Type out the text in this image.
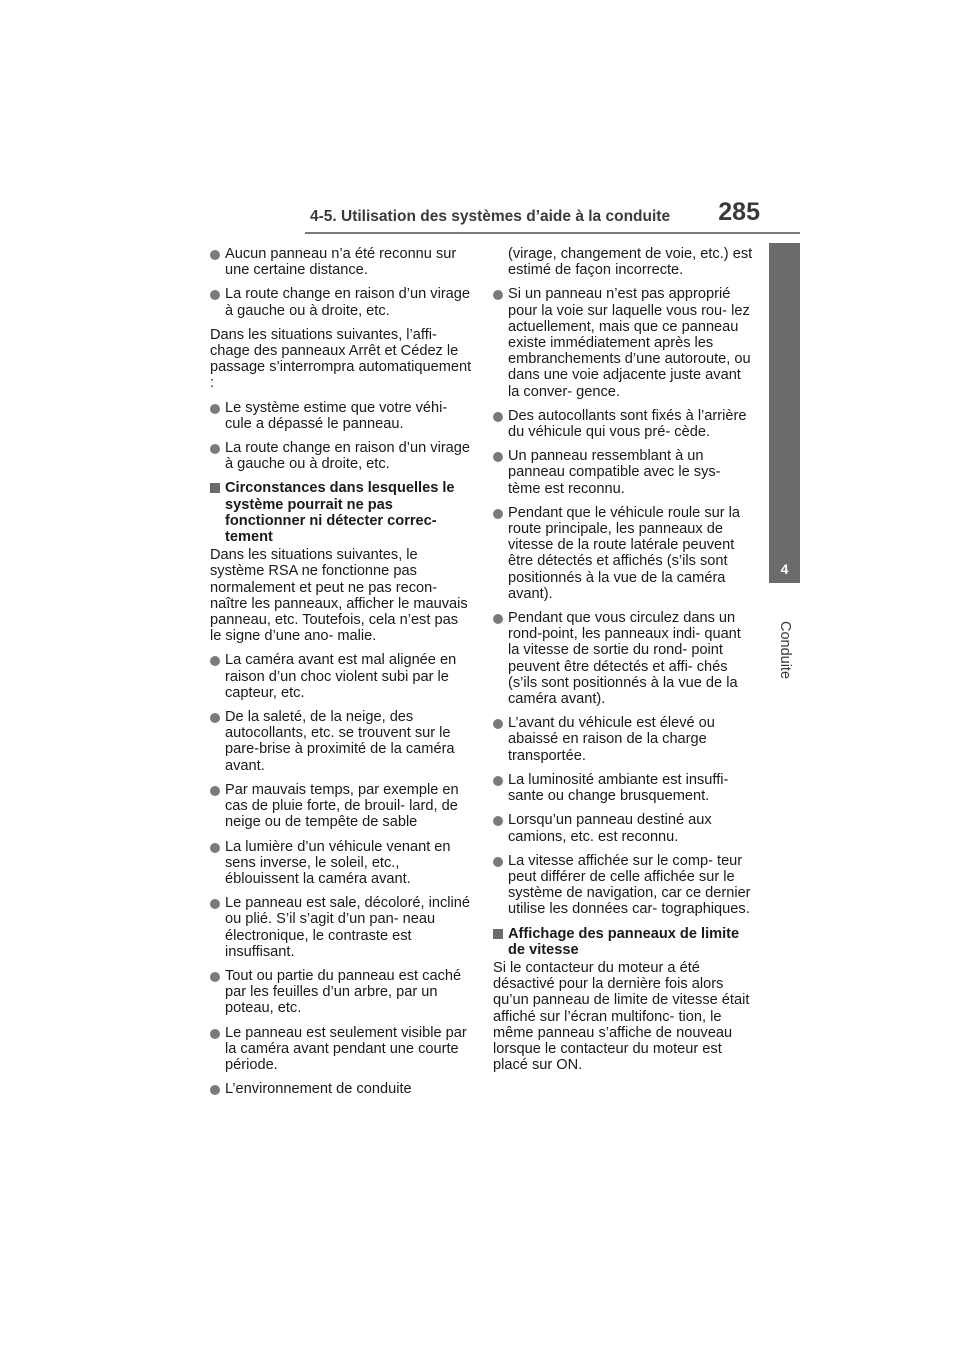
4-5. Utilisation des systèmes d’aide à la conduite 285
4
Conduite
Aucun panneau n’a été reconnu sur une certaine distance.
La route change en raison d’un virage à gauche ou à droite, etc.
Dans les situations suivantes, l’affi- chage des panneaux Arrêt et Cédez le passage s’interrompra automatiquement :
Le système estime que votre véhi- cule a dépassé le panneau.
La route change en raison d’un virage à gauche ou à droite, etc.
Circonstances dans lesquelles le système pourrait ne pas fonctionner ni détecter correc- tement
Dans les situations suivantes, le système RSA ne fonctionne pas normalement et peut ne pas recon- naître les panneaux, afficher le mauvais panneau, etc. Toutefois, cela n’est pas le signe d’une ano- malie.
La caméra avant est mal alignée en raison d’un choc violent subi par le capteur, etc.
De la saleté, de la neige, des autocollants, etc. se trouvent sur le pare-brise à proximité de la caméra avant.
Par mauvais temps, par exemple en cas de pluie forte, de brouil- lard, de neige ou de tempête de sable
La lumière d’un véhicule venant en sens inverse, le soleil, etc., éblouissent la caméra avant.
Le panneau est sale, décoloré, incliné ou plié. S’il s’agit d’un pan- neau électronique, le contraste est insuffisant.
Tout ou partie du panneau est caché par les feuilles d’un arbre, par un poteau, etc.
Le panneau est seulement visible par la caméra avant pendant une courte période.
L’environnement de conduite
(virage, changement de voie, etc.) est estimé de façon incorrecte.
Si un panneau n’est pas approprié pour la voie sur laquelle vous rou- lez actuellement, mais que ce panneau existe immédiatement après les embranchements d’une autoroute, ou dans une voie adjacente juste avant la conver- gence.
Des autocollants sont fixés à l’arrière du véhicule qui vous pré- cède.
Un panneau ressemblant à un panneau compatible avec le sys- tème est reconnu.
Pendant que le véhicule roule sur la route principale, les panneaux de vitesse de la route latérale peuvent être détectés et affichés (s’ils sont positionnés à la vue de la caméra avant).
Pendant que vous circulez dans un rond-point, les panneaux indi- quant la vitesse de sortie du rond- point peuvent être détectés et affi- chés (s’ils sont positionnés à la vue de la caméra avant).
L’avant du véhicule est élevé ou abaissé en raison de la charge transportée.
La luminosité ambiante est insuffi- sante ou change brusquement.
Lorsqu’un panneau destiné aux camions, etc. est reconnu.
La vitesse affichée sur le comp- teur peut différer de celle affichée sur le système de navigation, car ce dernier utilise les données car- tographiques.
Affichage des panneaux de limite de vitesse
Si le contacteur du moteur a été désactivé pour la dernière fois alors qu’un panneau de limite de vitesse était affiché sur l’écran multifonc- tion, le même panneau s’affiche de nouveau lorsque le contacteur du moteur est placé sur ON.
